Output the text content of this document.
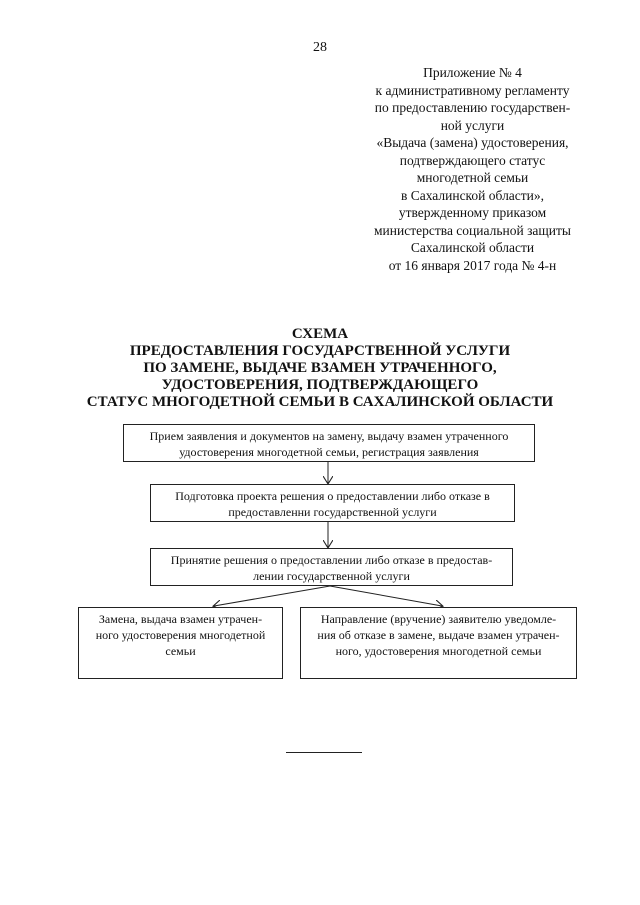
28
Приложение № 4
к административному регламенту
по предоставлению государствен-
ной услуги
«Выдача (замена) удостоверения,
подтверждающего статус
многодетной семьи
в Сахалинской области»,
утвержденному приказом
министерства социальной защиты
Сахалинской области
от 16 января 2017 года № 4-н
СХЕМА
ПРЕДОСТАВЛЕНИЯ ГОСУДАРСТВЕННОЙ УСЛУГИ
ПО ЗАМЕНЕ, ВЫДАЧЕ ВЗАМЕН УТРАЧЕННОГО,
УДОСТОВЕРЕНИЯ, ПОДТВЕРЖДАЮЩЕГО
СТАТУС МНОГОДЕТНОЙ СЕМЬИ В САХАЛИНСКОЙ ОБЛАСТИ
Прием заявления и документов на замену, выдачу взамен утраченного
удостоверения многодетной семьи, регистрация заявления
Подготовка проекта решения о предоставлении либо отказе в
предоставленни государственной услуги
Принятие решения о предоставлении либо отказе в предостав-
лении государственной услуги
Замена, выдача взамен утрачен-
ного удостоверения многодетной
семьи
Направление (вручение) заявителю уведомле-
ния об отказе в замене, выдаче взамен утрачен-
ного, удостоверения многодетной семьи
